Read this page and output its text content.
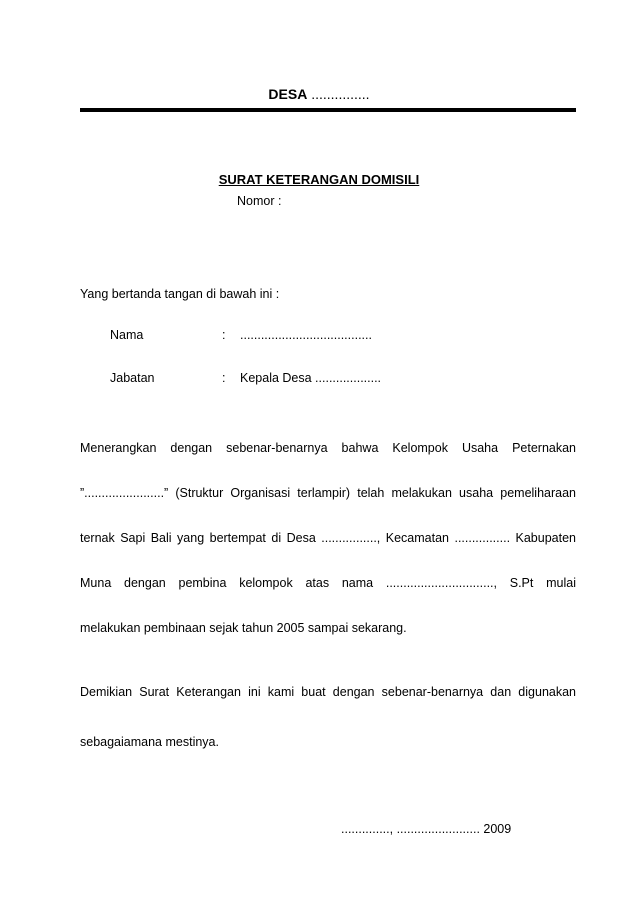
DESA ...............
SURAT KETERANGAN DOMISILI
Nomor :
Yang bertanda tangan di bawah ini :
Nama	: ......................................
Jabatan	: Kepala Desa ...................
Menerangkan dengan sebenar-benarnya bahwa Kelompok Usaha Peternakan
”.......................” (Struktur Organisasi terlampir) telah melakukan usaha pemeliharaan
ternak Sapi Bali yang bertempat di Desa ................, Kecamatan ................ Kabupaten
Muna dengan pembina kelompok atas nama ..............................., S.Pt mulai
melakukan pembinaan sejak tahun 2005 sampai sekarang.
Demikian Surat Keterangan ini kami buat dengan sebenar-benarnya dan digunakan
sebagaiamana mestinya.
.............., ........................ 2009
